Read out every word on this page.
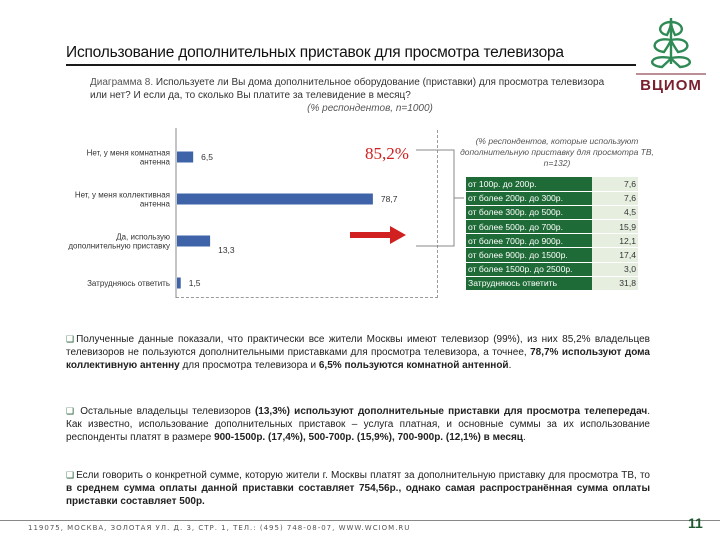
Использование дополнительных приставок для просмотра телевизора
ВЦИОМ
Диаграмма 8. Используете ли Вы дома дополнительное оборудование (приставки) для просмотра телевизора или нет? И если да, то сколько Вы платите за телевидение в месяц?
(% респондентов, n=1000)
Нет, у меня комнатная антенна	6,5
Нет, у меня коллективная антенна	78,7
Да, использую дополнительную приставку	13,3
Затрудняюсь ответить 1,5
85,2%
(% респондентов, которые используют дополнительную приставку для просмотра ТВ, n=132)
от 100р. до 200р.	7,6
от более 200р. до 300р.	7,6
от более 300р. до 500р.	4,5
от более 500р. до 700р.	15,9
от более 700р. до 900р.	12,1
от более 900р. до 1500р.	17,4
от более 1500р. до 2500р.	3,0
Затрудняюсь ответить	31,8
❑ Полученные данные показали, что практически все жители Москвы имеют телевизор (99%), из них 85,2% владельцев телевизоров не пользуются дополнительными приставками для просмотра телевизора, а точнее, 78,7% используют дома коллективную антенну для просмотра телевизора и 6,5% пользуются комнатной антенной.
❑ Остальные владельцы телевизоров (13,3%) используют дополнительные приставки для просмотра телепередач. Как известно, использование дополнительных приставок – услуга платная, и основные суммы за их использование респонденты платят в размере 900-1500р. (17,4%), 500-700р. (15,9%), 700-900р. (12,1%) в месяц.
❑ Если говорить о конкретной сумме, которую жители г. Москвы платят за дополнительную приставку для просмотра ТВ, то в среднем сумма оплаты данной приставки составляет 754,56р., однако самая распространённая сумма оплаты приставки составляет 500р.
119075, МОСКВА, ЗОЛОТАЯ УЛ. Д. 3, СТР. 1, ТЕЛ.: (495) 748-08-07, WWW.WCIOM.RU	11
